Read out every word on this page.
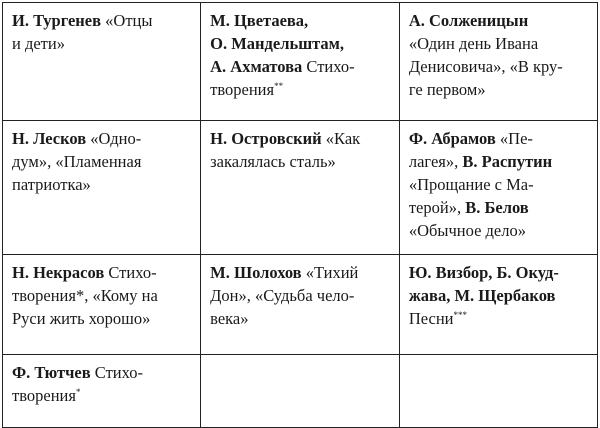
И. Тургенев «Отцы
и дети»	М. Цветаева,
О. Мандельштам,
А. Ахматова Стихо-
творения**	А. Солженицын
«Один день Ивана
Денисовича», «В кру-
ге первом»

Н. Лесков «Одно-
дум», «Пламенная
патриотка»	Н. Островский «Как
закалялась сталь»	Ф. Абрамов «Пе-
лагея», В. Распутин
«Прощание с Ма-
терой», В. Белов
«Обычное дело»

Н. Некрасов Стихо-
творения*, «Кому на
Руси жить хорошо»	М. Шолохов «Тихий
Дон», «Судьба чело-
века»	Ю. Визбор, Б. Окуд-
жава, М. Щербаков
Песни***

Ф. Тютчев Стихо-
творения*
